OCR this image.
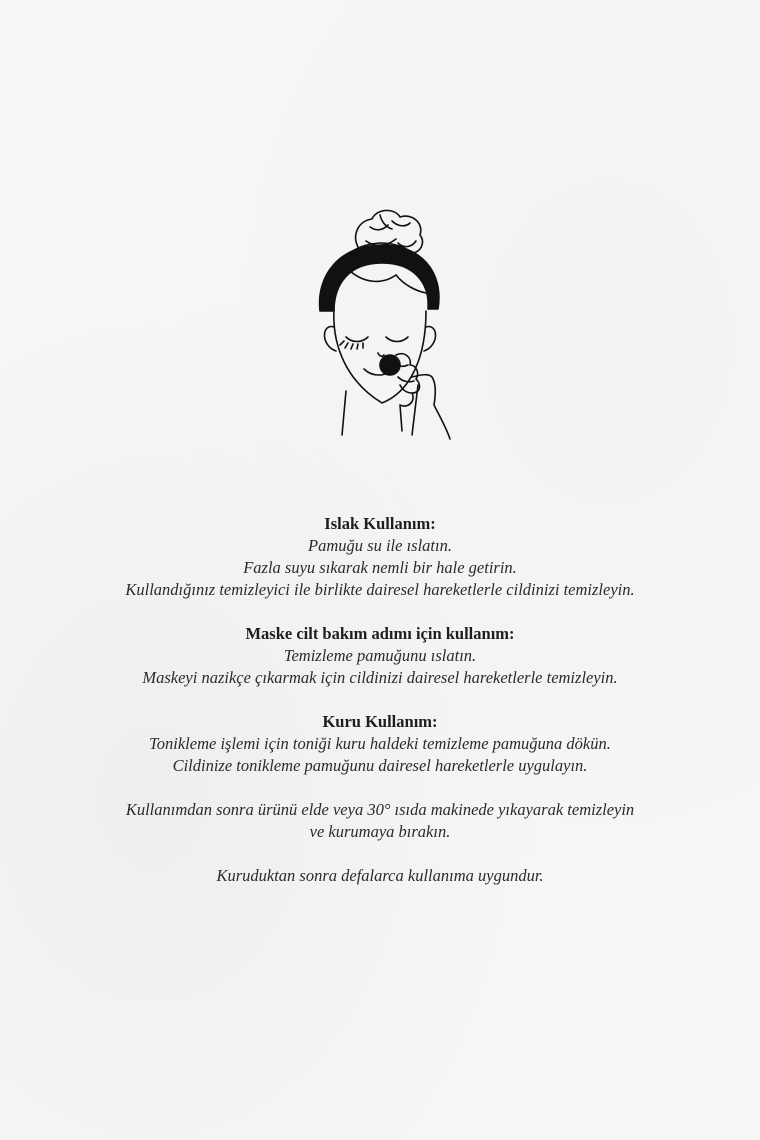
Islak Kullanım:
Pamuğu su ile ıslatın.
Fazla suyu sıkarak nemli bir hale getirin.
Kullandığınız temizleyici ile birlikte dairesel hareketlerle cildinizi temizleyin.
Maske cilt bakım adımı için kullanım:
Temizleme pamuğunu ıslatın.
Maskeyi nazikçe çıkarmak için cildinizi dairesel hareketlerle temizleyin.
Kuru Kullanım:
Tonikleme işlemi için toniği kuru haldeki temizleme pamuğuna dökün.
Cildinize tonikleme pamuğunu dairesel hareketlerle uygulayın.
Kullanımdan sonra ürünü elde veya 30° ısıda makinede yıkayarak temizleyin
ve kurumaya bırakın.
Kuruduktan sonra defalarca kullanıma uygundur.
